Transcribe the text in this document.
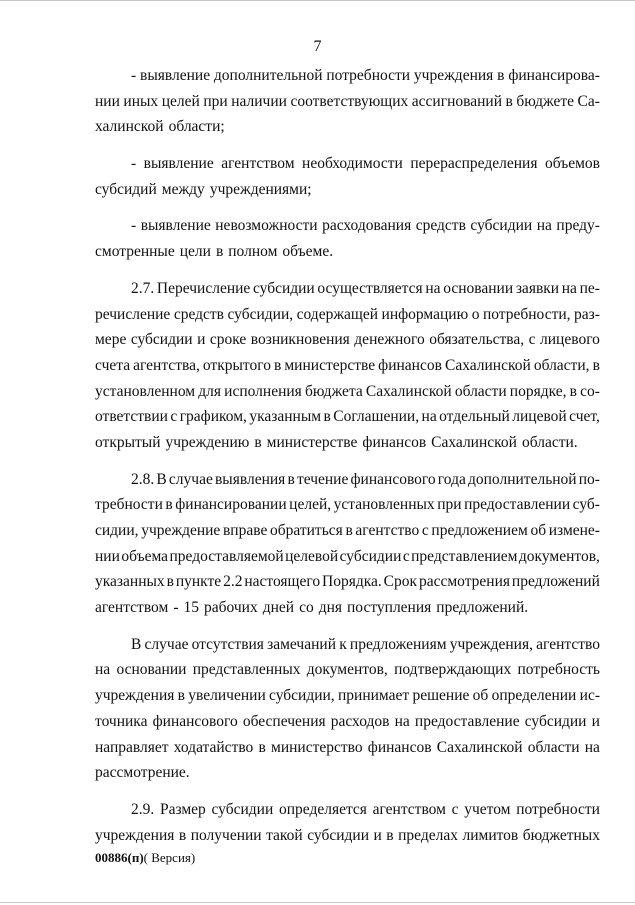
7
- выявление дополнительной потребности учреждения в финансирова-
нии иных целей при наличии соответствующих ассигнований в бюджете Са-
халинской области;
- выявление агентством необходимости перераспределения объемов
субсидий между учреждениями;
- выявление невозможности расходования средств субсидии на преду-
смотренные цели в полном объеме.
2.7. Перечисление субсидии осуществляется на основании заявки на пе-
речисление средств субсидии, содержащей информацию о потребности, раз-
мере субсидии и сроке возникновения денежного обязательства, с лицевого
счета агентства, открытого в министерстве финансов Сахалинской области, в
установленном для исполнения бюджета Сахалинской области порядке, в со-
ответствии с графиком, указанным в Соглашении, на отдельный лицевой счет,
открытый учреждению в министерстве финансов Сахалинской области.
2.8. В случае выявления в течение финансового года дополнительной по-
требности в финансировании целей, установленных при предоставлении суб-
сидии, учреждение вправе обратиться в агентство с предложением об измене-
нии объема предоставляемой целевой субсидии с представлением документов,
указанных в пункте 2.2 настоящего Порядка. Срок рассмотрения предложений
агентством - 15 рабочих дней со дня поступления предложений.
В случае отсутствия замечаний к предложениям учреждения, агентство
на основании представленных документов, подтверждающих потребность
учреждения в увеличении субсидии, принимает решение об определении ис-
точника финансового обеспечения расходов на предоставление субсидии и
направляет ходатайство в министерство финансов Сахалинской области на
рассмотрение.
2.9. Размер субсидии определяется агентством с учетом потребности
учреждения в получении такой субсидии и в пределах лимитов бюджетных
00886(п)( Версия)
